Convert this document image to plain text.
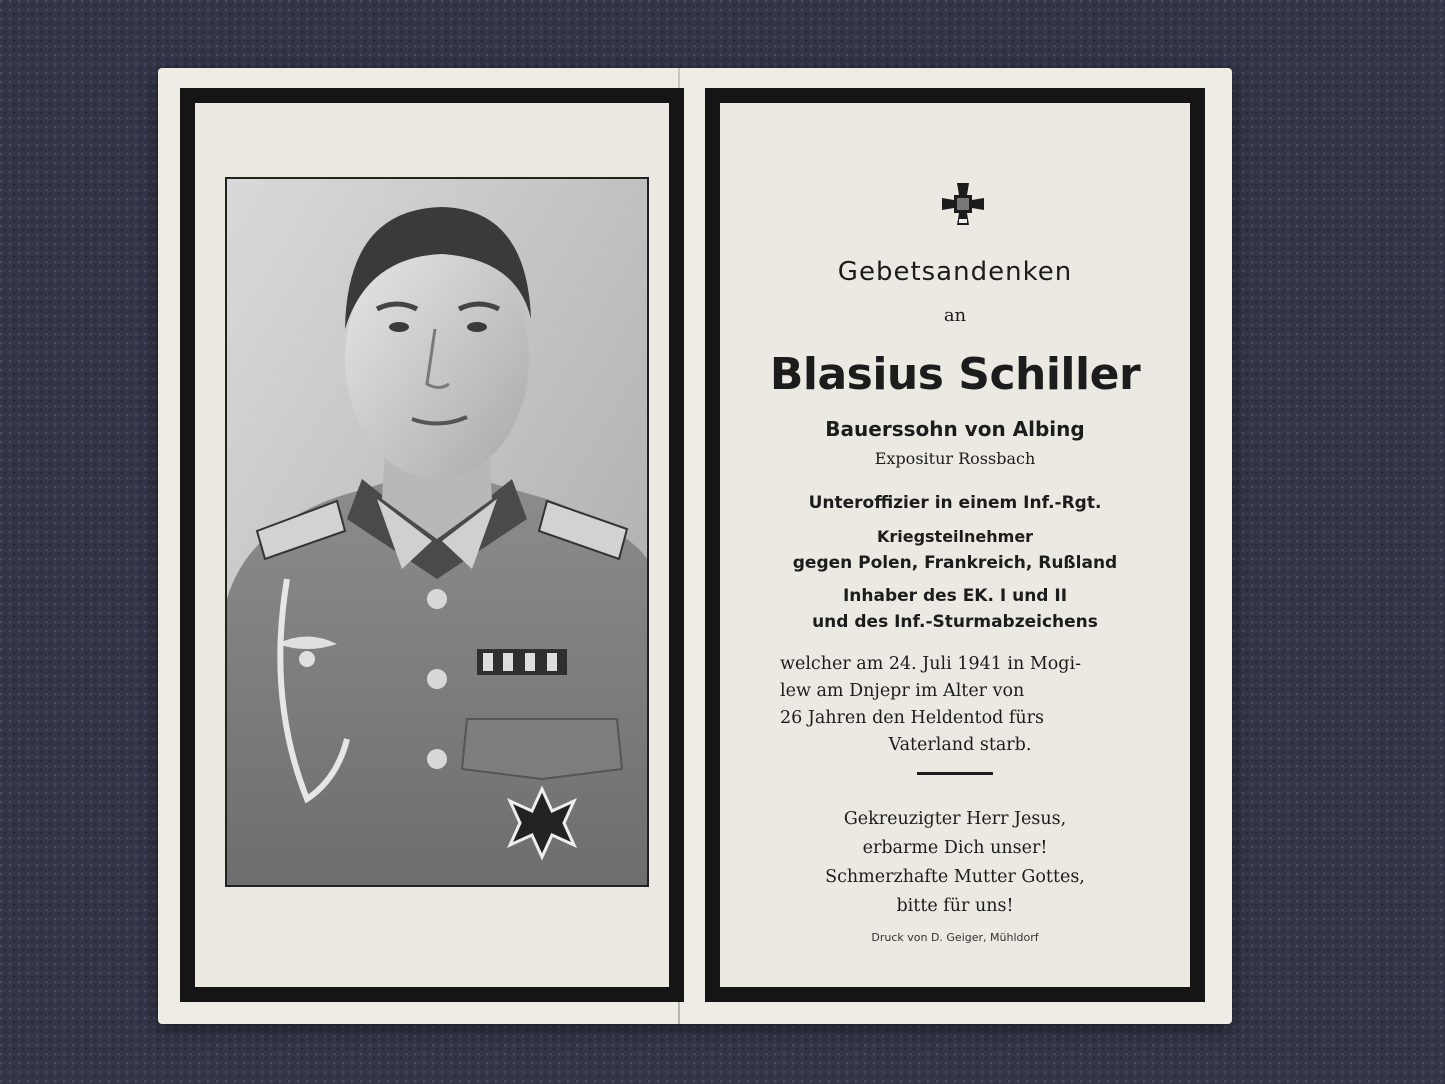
Gebetsandenken
an
Blasius Schiller
Bauerssohn von Albing
Expositur Rossbach
Unteroffizier in einem Inf.-Rgt.
Kriegsteilnehmer
gegen Polen, Frankreich, Rußland
Inhaber des EK. I und II
und des Inf.-Sturmabzeichens
welcher am 24. Juli 1941 in Mogi-
lew am Dnjepr im Alter von
26 Jahren den Heldentod fürs
Vaterland starb.
Gekreuzigter Herr Jesus,
erbarme Dich unser!
Schmerzhafte Mutter Gottes,
bitte für uns!
Druck von D. Geiger, Mühldorf
